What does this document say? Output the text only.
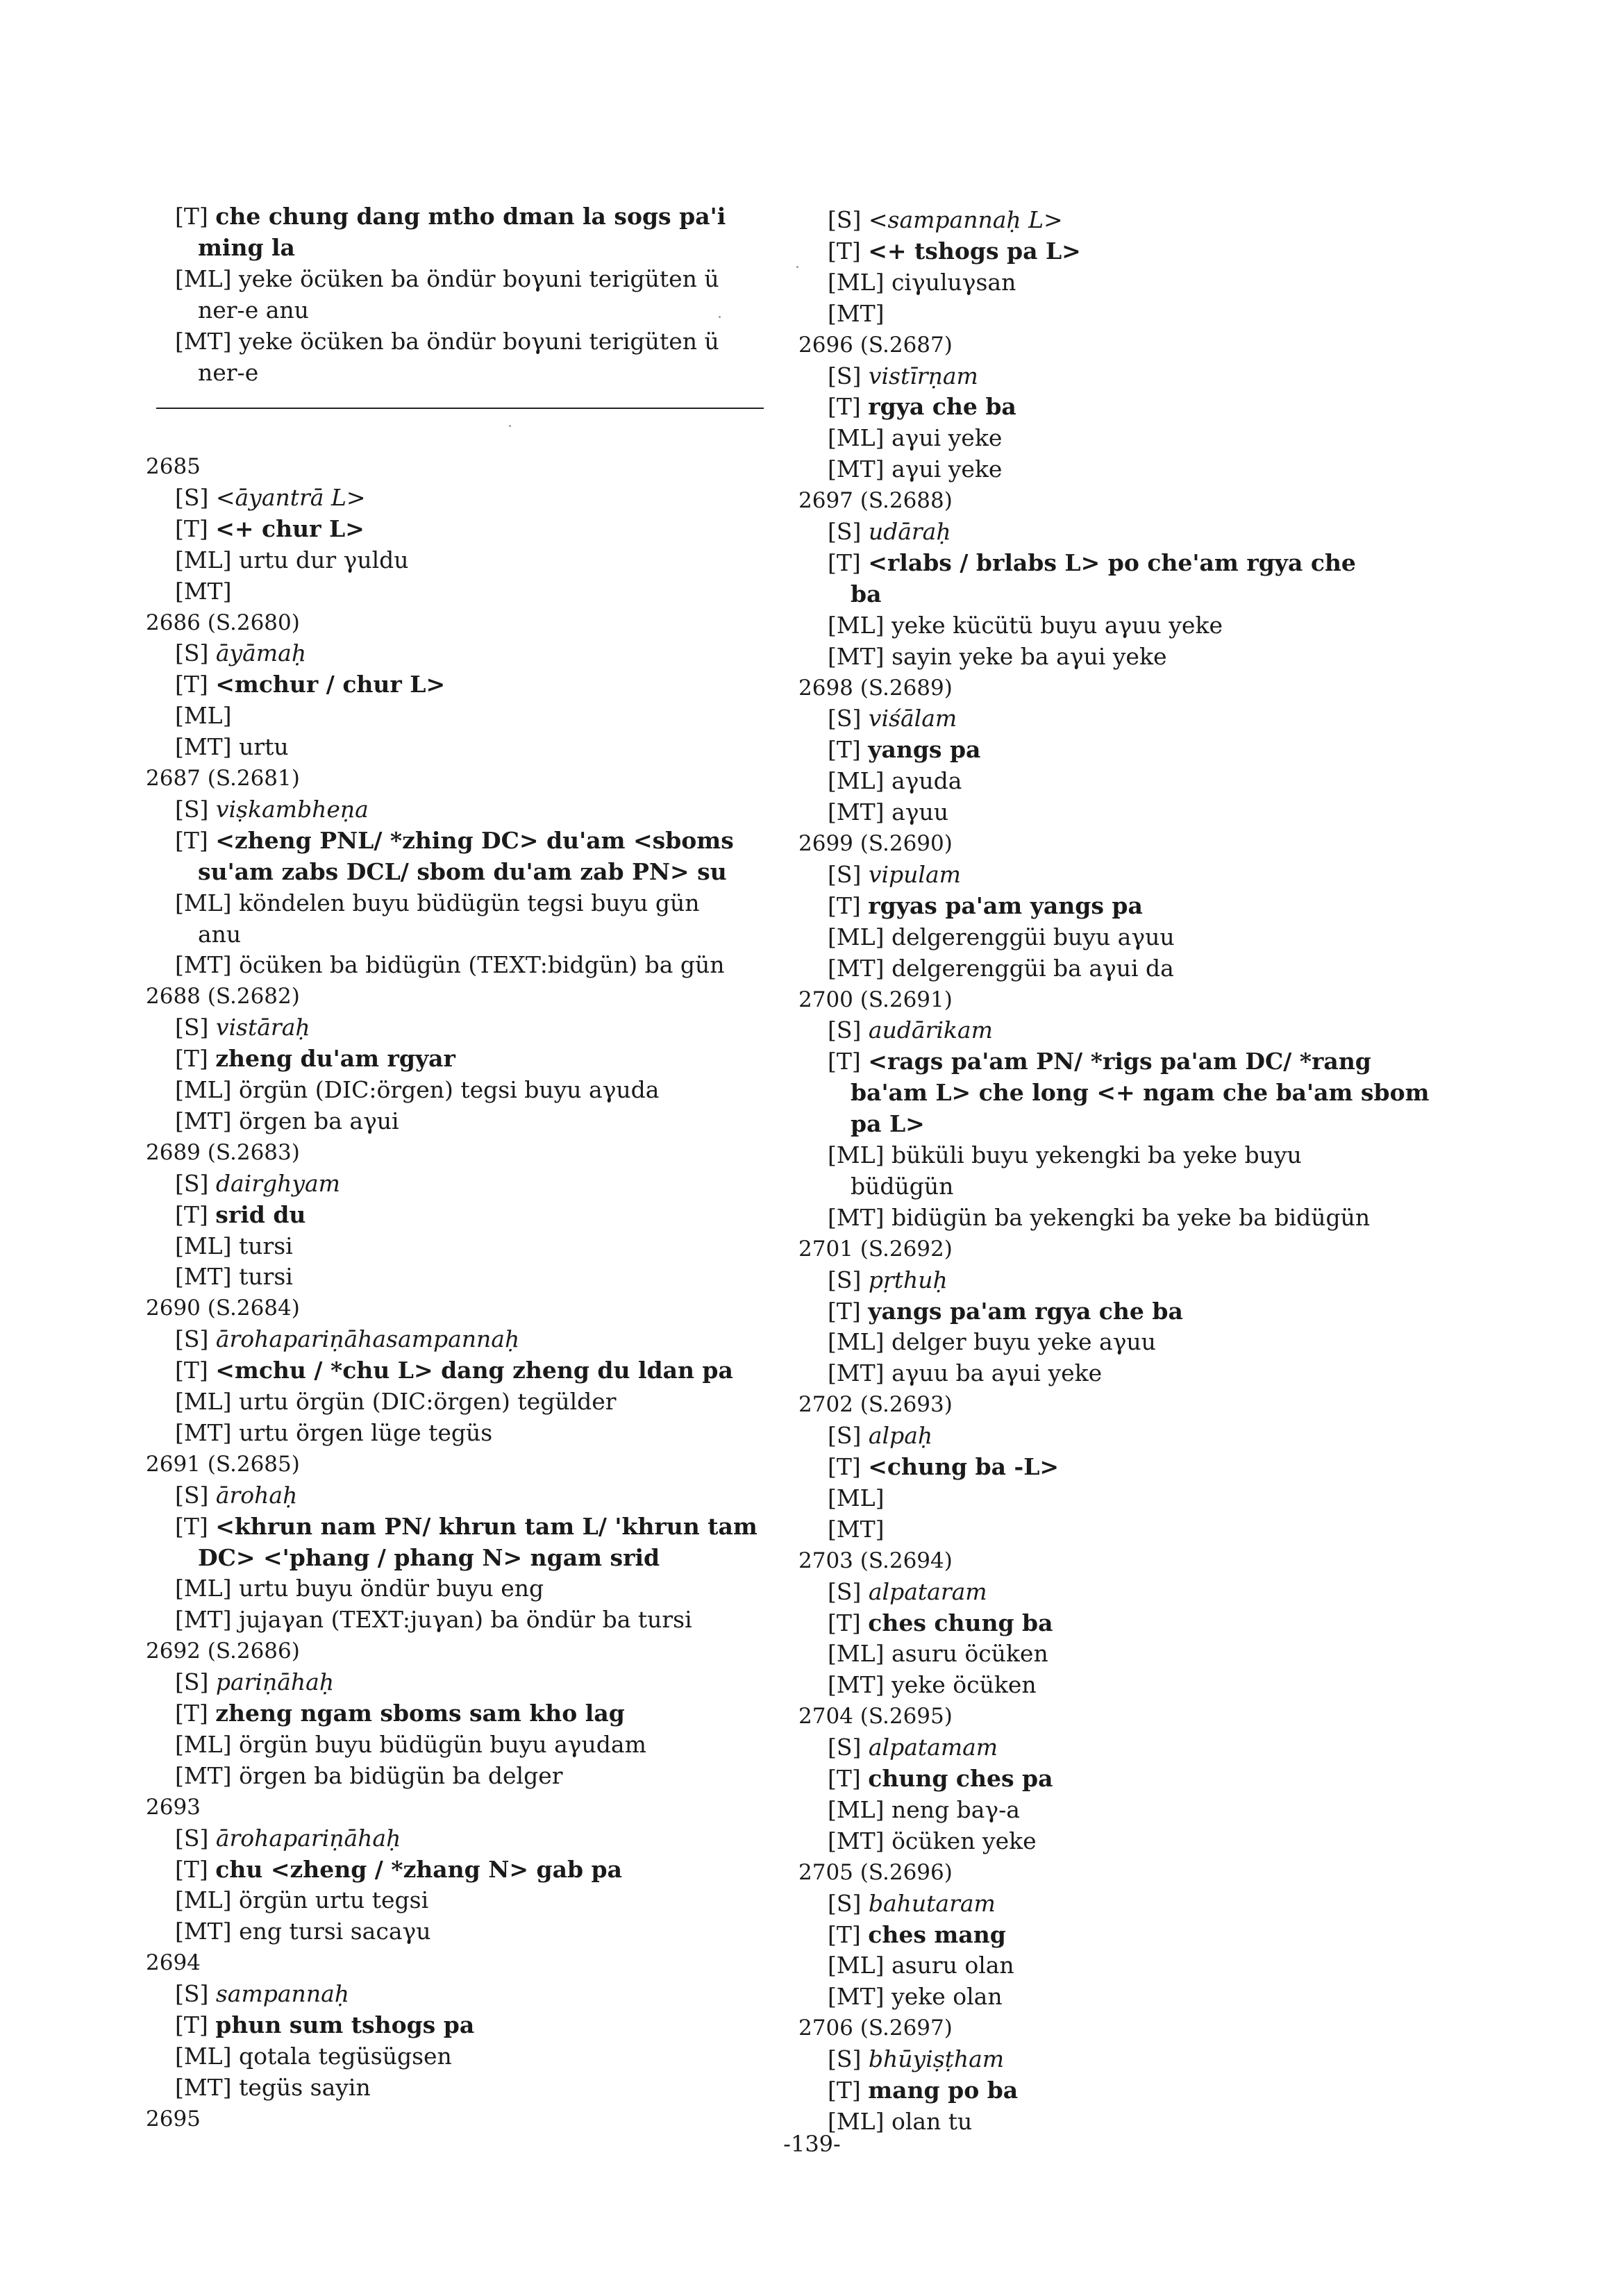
[T] che chung dang mtho dman la sogs pa'i
ming la
[ML] yeke öcüken ba öndür boγuni terigüten ü
ner-e anu
[MT] yeke öcüken ba öndür boγuni terigüten ü
ner-e
2685
[S] <āyantrā L>
[T] <+ chur L>
[ML] urtu dur γuldu
[MT]
2686 (S.2680)
[S] āyāmaḥ
[T] <mchur / chur L>
[ML]
[MT] urtu
2687 (S.2681)
[S] viṣkambheṇa
[T] <zheng PNL/ *zhing DC> du'am <sboms
su'am zabs DCL/ sbom du'am zab PN> su
[ML] köndelen buyu büdügün tegsi buyu gün
anu
[MT] öcüken ba bidügün (TEXT:bidgün) ba gün
2688 (S.2682)
[S] vistāraḥ
[T] zheng du'am rgyar
[ML] örgün (DIC:örgen) tegsi buyu aγuda
[MT] örgen ba aγui
2689 (S.2683)
[S] dairghyam
[T] srid du
[ML] tursi
[MT] tursi
2690 (S.2684)
[S] ārohapariṇāhasampannaḥ
[T] <mchu / *chu L> dang zheng du ldan pa
[ML] urtu örgün (DIC:örgen) tegülder
[MT] urtu örgen lüge tegüs
2691 (S.2685)
[S] ārohaḥ
[T] <khrun nam PN/ khrun tam L/ 'khrun tam
DC> <'phang / phang N> ngam srid
[ML] urtu buyu öndür buyu eng
[MT] jujaγan (TEXT:juγan) ba öndür ba tursi
2692 (S.2686)
[S] pariṇāhaḥ
[T] zheng ngam sboms sam kho lag
[ML] örgün buyu büdügün buyu aγudam
[MT] örgen ba bidügün ba delger
2693
[S] ārohapariṇāhaḥ
[T] chu <zheng / *zhang N> gab pa
[ML] örgün urtu tegsi
[MT] eng tursi sacaγu
2694
[S] sampannaḥ
[T] phun sum tshogs pa
[ML] qotala tegüsügsen
[MT] tegüs sayin
2695
[S] <sampannaḥ L>
[T] <+ tshogs pa L>
[ML] ciγuluγsan
[MT]
2696 (S.2687)
[S] vistīrṇam
[T] rgya che ba
[ML] aγui yeke
[MT] aγui yeke
2697 (S.2688)
[S] udāraḥ
[T] <rlabs / brlabs L> po che'am rgya che
ba
[ML] yeke kücütü buyu aγuu yeke
[MT] sayin yeke ba aγui yeke
2698 (S.2689)
[S] viśālam
[T] yangs pa
[ML] aγuda
[MT] aγuu
2699 (S.2690)
[S] vipulam
[T] rgyas pa'am yangs pa
[ML] delgerenggüi buyu aγuu
[MT] delgerenggüi ba aγui da
2700 (S.2691)
[S] audārikam
[T] <rags pa'am PN/ *rigs pa'am DC/ *rang
ba'am L> che long <+ ngam che ba'am sbom
pa L>
[ML] büküli buyu yekengki ba yeke buyu
büdügün
[MT] bidügün ba yekengki ba yeke ba bidügün
2701 (S.2692)
[S] pṛthuḥ
[T] yangs pa'am rgya che ba
[ML] delger buyu yeke aγuu
[MT] aγuu ba aγui yeke
2702 (S.2693)
[S] alpaḥ
[T] <chung ba -L>
[ML]
[MT]
2703 (S.2694)
[S] alpataram
[T] ches chung ba
[ML] asuru öcüken
[MT] yeke öcüken
2704 (S.2695)
[S] alpatamam
[T] chung ches pa
[ML] neng baγ-a
[MT] öcüken yeke
2705 (S.2696)
[S] bahutaram
[T] ches mang
[ML] asuru olan
[MT] yeke olan
2706 (S.2697)
[S] bhūyiṣṭham
[T] mang po ba
[ML] olan tu
-139-
